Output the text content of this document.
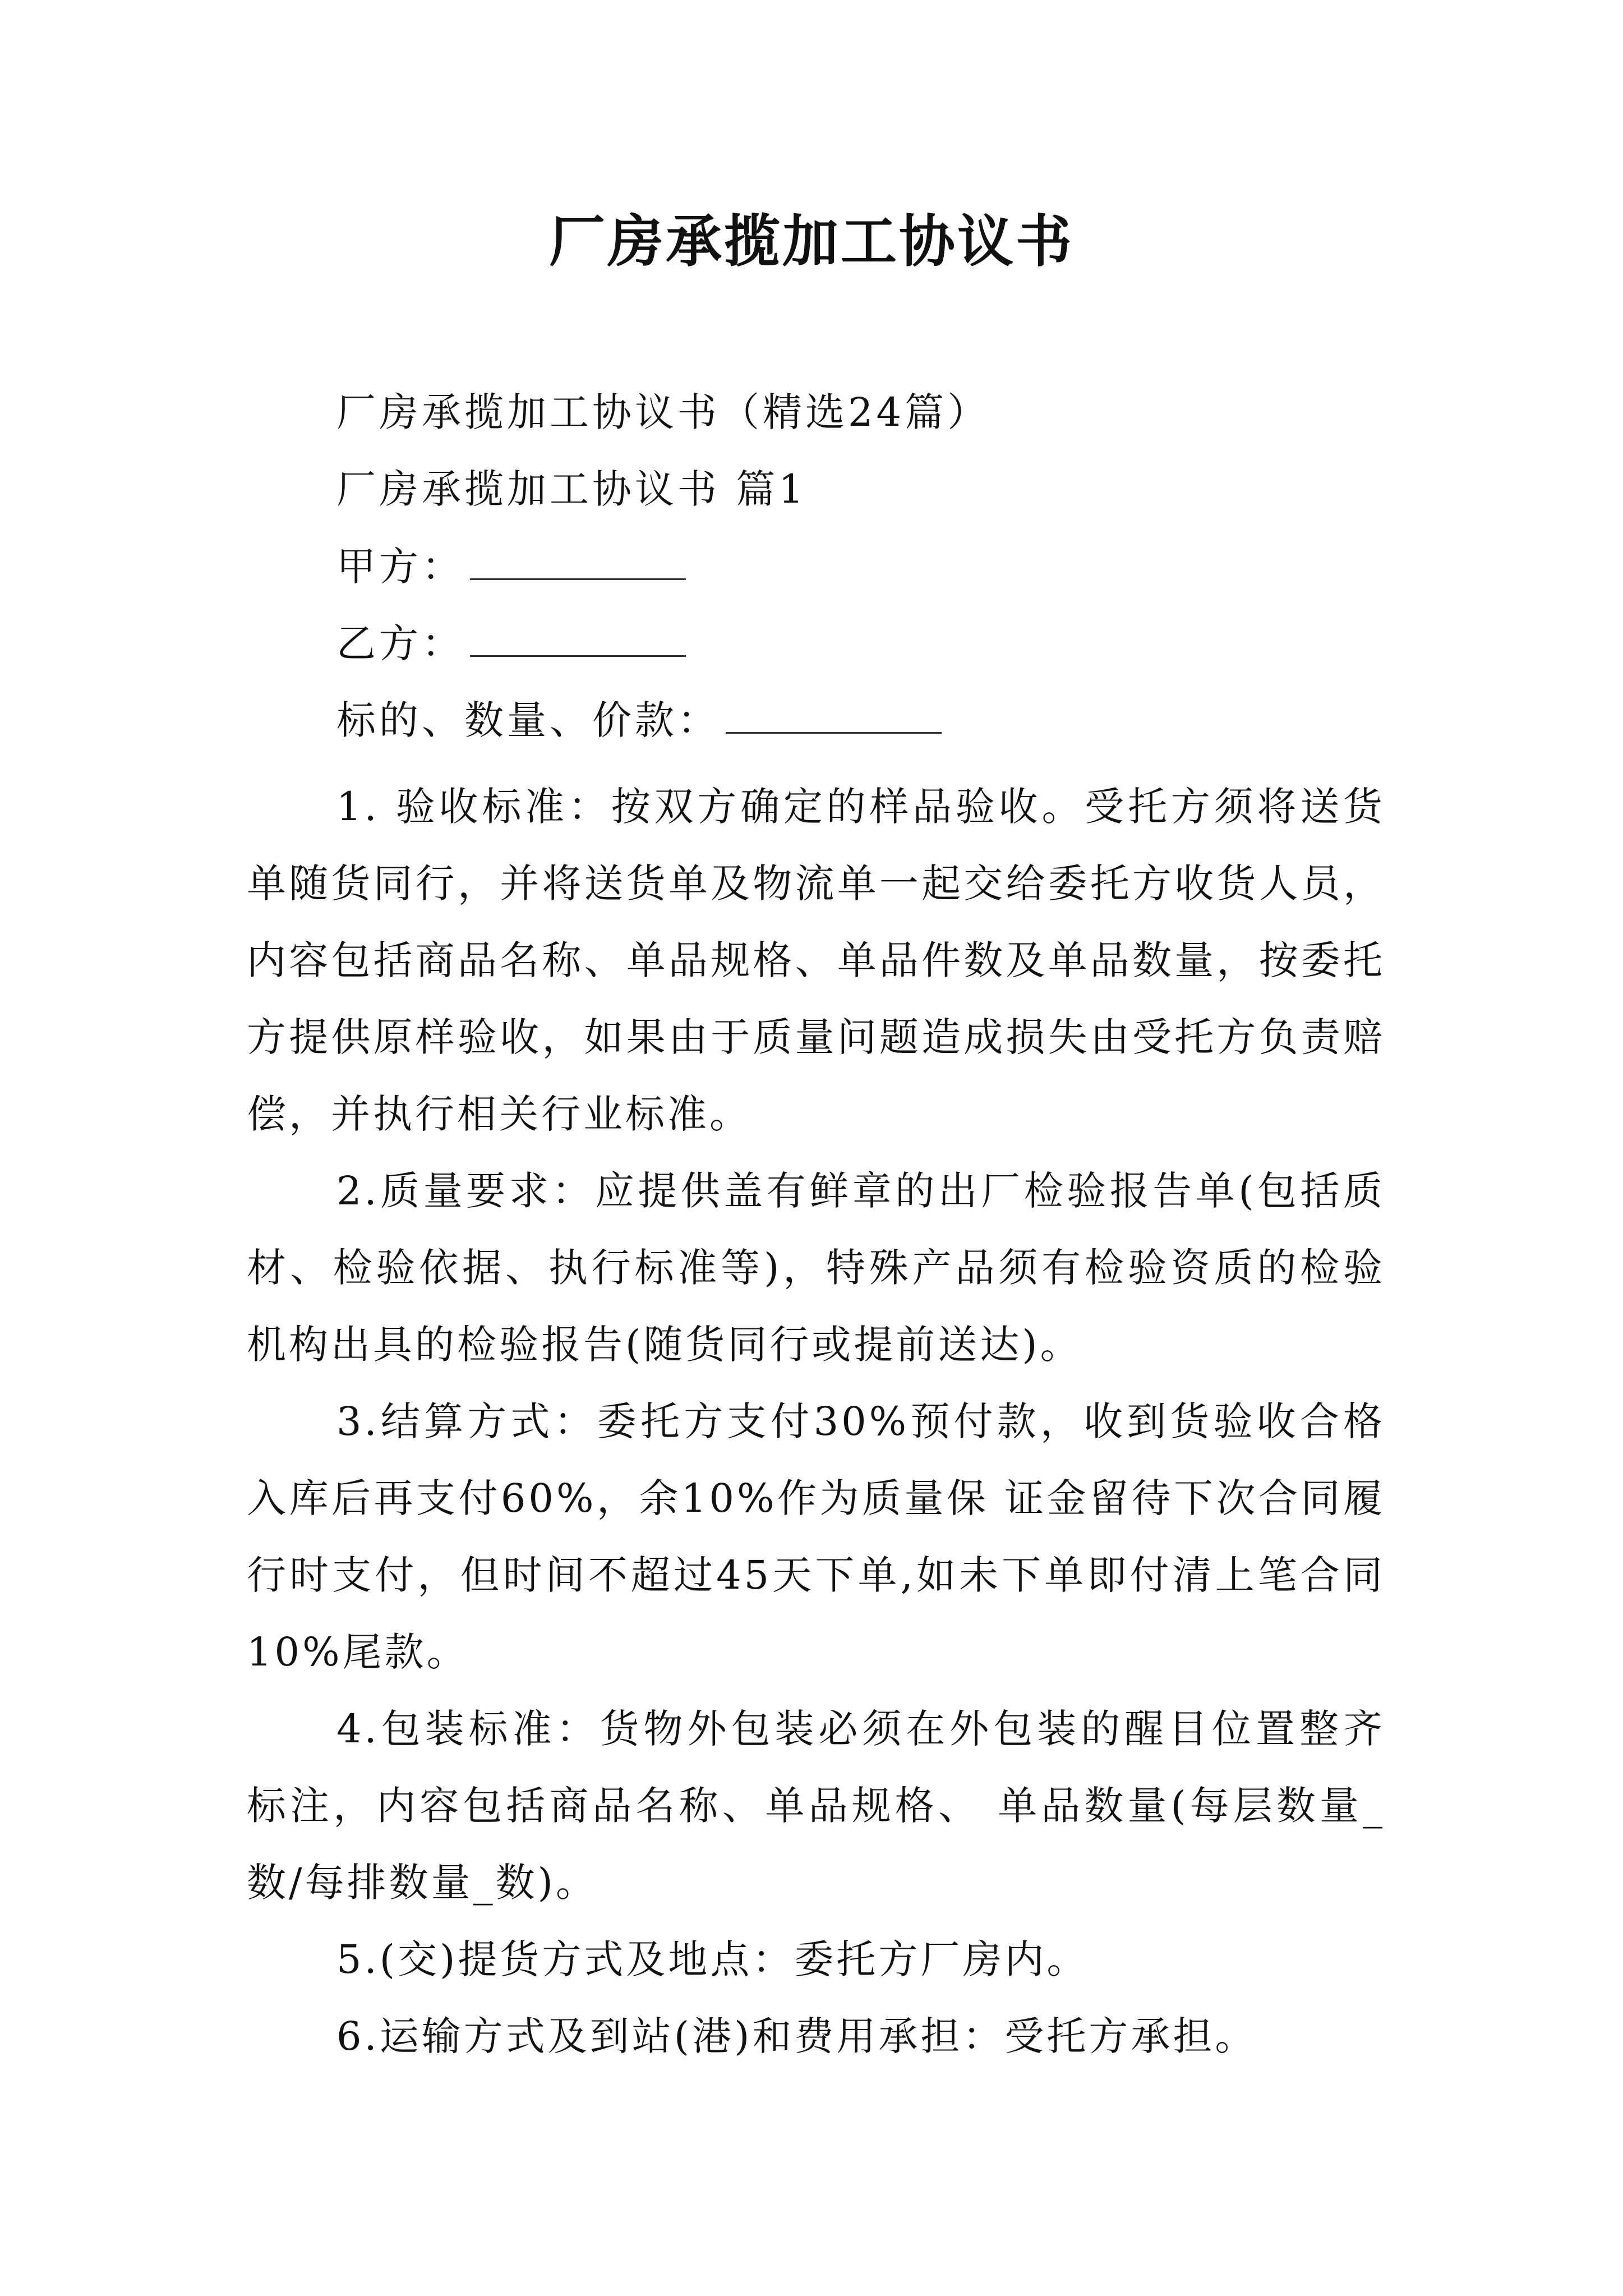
厂房承揽加工协议书
厂房承揽加工协议书（精选24篇）
厂房承揽加工协议书 篇1
甲方：
乙方：
标的、数量、价款：

1. 验收标准：按双方确定的样品验收。受托方须将送货单随货同行，并将送货单及物流单一起交给委托方收货人员，内容包括商品名称、单品规格、单品件数及单品数量，按委托方提供原样验收，如果由于质量问题造成损失由受托方负责赔偿，并执行相关行业标准。

2.质量要求：应提供盖有鲜章的出厂检验报告单(包括质材、检验依据、执行标准等)，特殊产品须有检验资质的检验机构出具的检验报告(随货同行或提前送达)。

3.结算方式：委托方支付30%预付款，收到货验收合格入库后再支付60%，余10%作为质量保 证金留待下次合同履行时支付，但时间不超过45天下单,如未下单即付清上笔合同10%尾款。

4.包装标准：货物外包装必须在外包装的醒目位置整齐标注，内容包括商品名称、单品规格、 单品数量(每层数量_数/每排数量_数)。

5.(交)提货方式及地点：委托方厂房内。

6.运输方式及到站(港)和费用承担：受托方承担。
